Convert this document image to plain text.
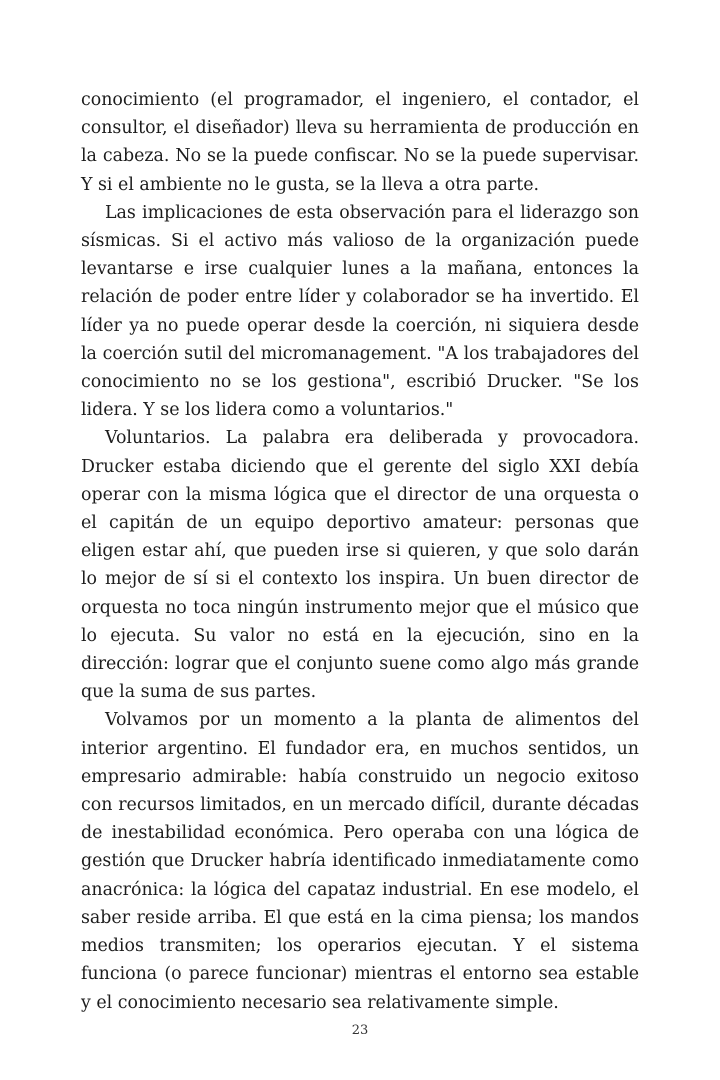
conocimiento (el programador, el ingeniero, el contador, el consultor, el diseñador) lleva su herramienta de producción en la cabeza. No se la puede confiscar. No se la puede supervisar. Y si el ambiente no le gusta, se la lleva a otra parte.

Las implicaciones de esta observación para el liderazgo son sísmicas. Si el activo más valioso de la organización puede levantarse e irse cualquier lunes a la mañana, entonces la relación de poder entre líder y colaborador se ha invertido. El líder ya no puede operar desde la coerción, ni siquiera desde la coerción sutil del micromanagement. "A los trabajadores del conocimiento no se los gestiona", escribió Drucker. "Se los lidera. Y se los lidera como a voluntarios."

Voluntarios. La palabra era deliberada y provocadora. Drucker estaba diciendo que el gerente del siglo XXI debía operar con la misma lógica que el director de una orquesta o el capitán de un equipo deportivo amateur: personas que eligen estar ahí, que pueden irse si quieren, y que solo darán lo mejor de sí si el contexto los inspira. Un buen director de orquesta no toca ningún instrumento mejor que el músico que lo ejecuta. Su valor no está en la ejecución, sino en la dirección: lograr que el conjunto suene como algo más grande que la suma de sus partes.

Volvamos por un momento a la planta de alimentos del interior argentino. El fundador era, en muchos sentidos, un empresario admirable: había construido un negocio exitoso con recursos limitados, en un mercado difícil, durante décadas de inestabilidad económica. Pero operaba con una lógica de gestión que Drucker habría identificado inmediatamente como anacrónica: la lógica del capataz industrial. En ese modelo, el saber reside arriba. El que está en la cima piensa; los mandos medios transmiten; los operarios ejecutan. Y el sistema funciona (o parece funcionar) mientras el entorno sea estable y el conocimiento necesario sea relativamente simple.

23
